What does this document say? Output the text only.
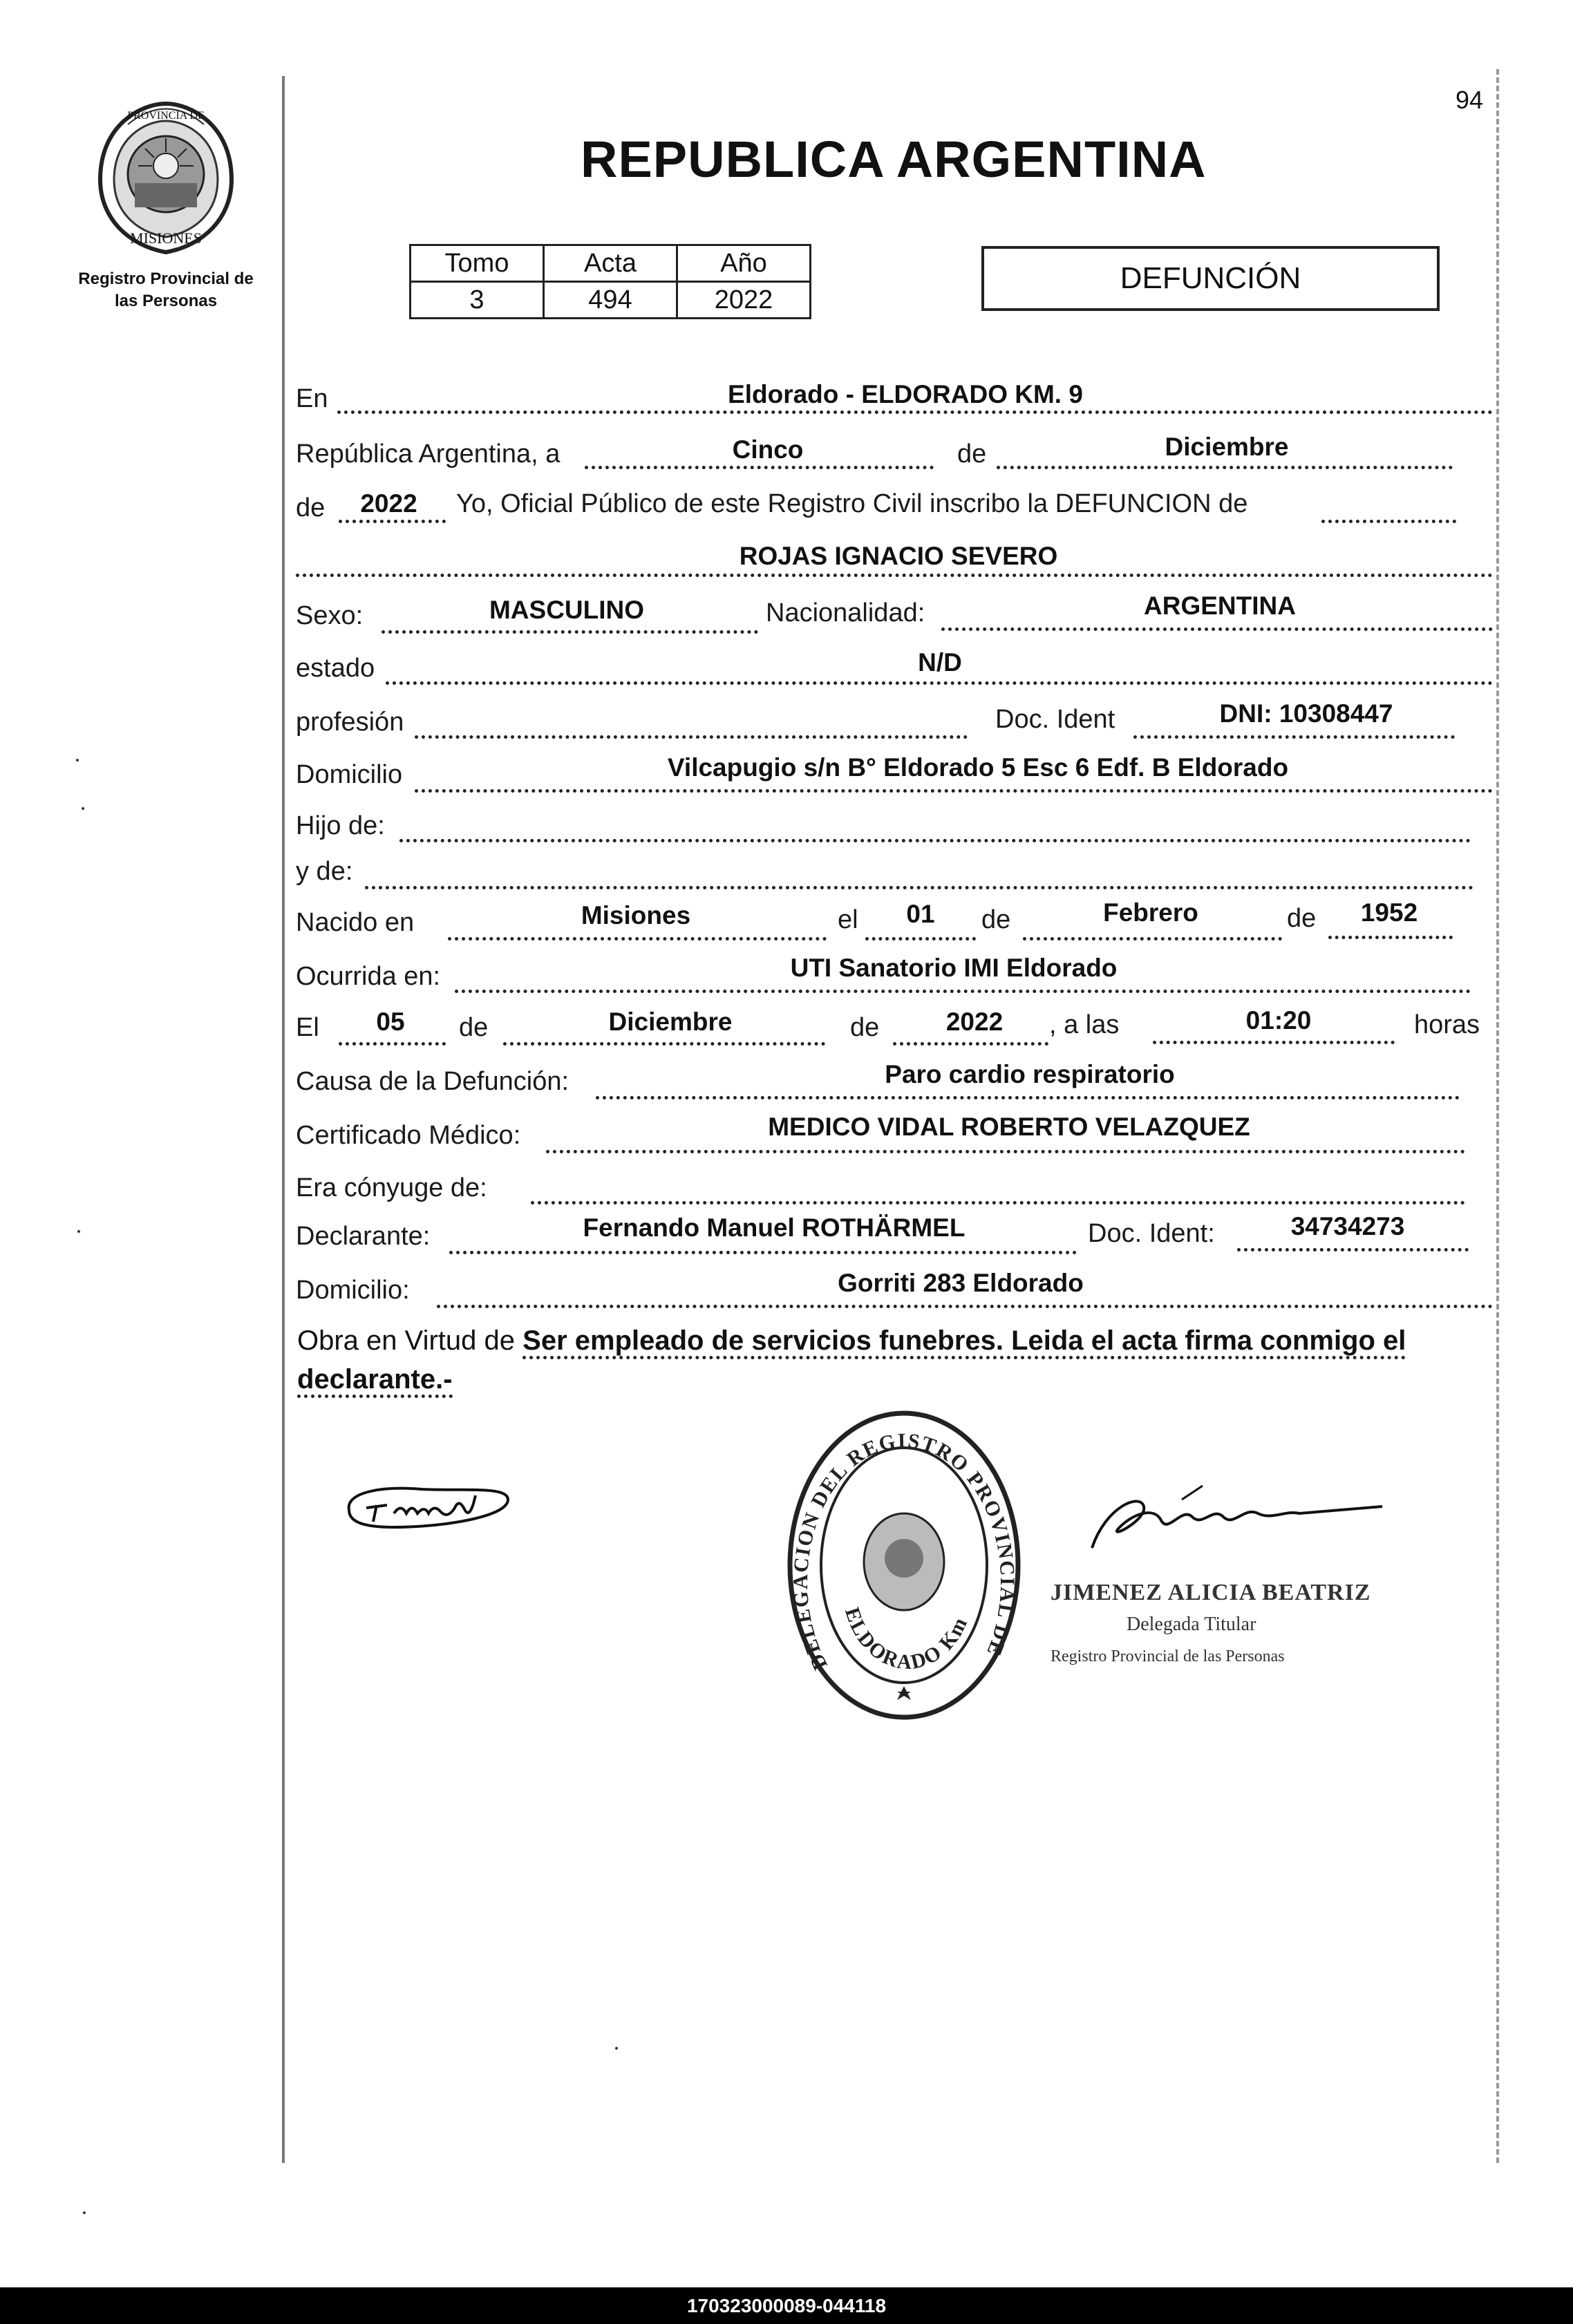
94
PROVINCIA DE
MISIONES
Registro Provincial de
las Personas
REPUBLICA ARGENTINA
Tomo	Acta	Año
3	494	2022
DEFUNCIÓN
En	Eldorado - ELDORADO KM. 9
República Argentina, a	Cinco	de	Diciembre
de	2022	Yo, Oficial Público de este Registro Civil inscribo la DEFUNCION de
ROJAS IGNACIO SEVERO
Sexo:	MASCULINO	Nacionalidad:	ARGENTINA
estado	N/D
profesión	Doc. Ident	DNI: 10308447
Domicilio	Vilcapugio s/n B° Eldorado 5 Esc 6 Edf. B Eldorado
Hijo de:
y de:
Nacido en	Misiones	el	01	de	Febrero	de	1952
Ocurrida en:	UTI Sanatorio IMI Eldorado
El	05	de	Diciembre	de	2022	, a las	01:20	horas
Causa de la Defunción:	Paro cardio respiratorio
Certificado Médico:	MEDICO VIDAL ROBERTO VELAZQUEZ
Era cónyuge de:
Declarante:	Fernando Manuel ROTHÄRMEL	Doc. Ident:	34734273
Domicilio:	Gorriti 283 Eldorado
Obra en Virtud de Ser empleado de servicios funebres. Leida el acta firma conmigo el declarante.-
DELEGACION DEL REGISTRO PROVINCIAL DE
ELDORADO Km
JIMENEZ ALICIA BEATRIZ
Delegada Titular
Registro Provincial de las Personas
170323000089-044118
